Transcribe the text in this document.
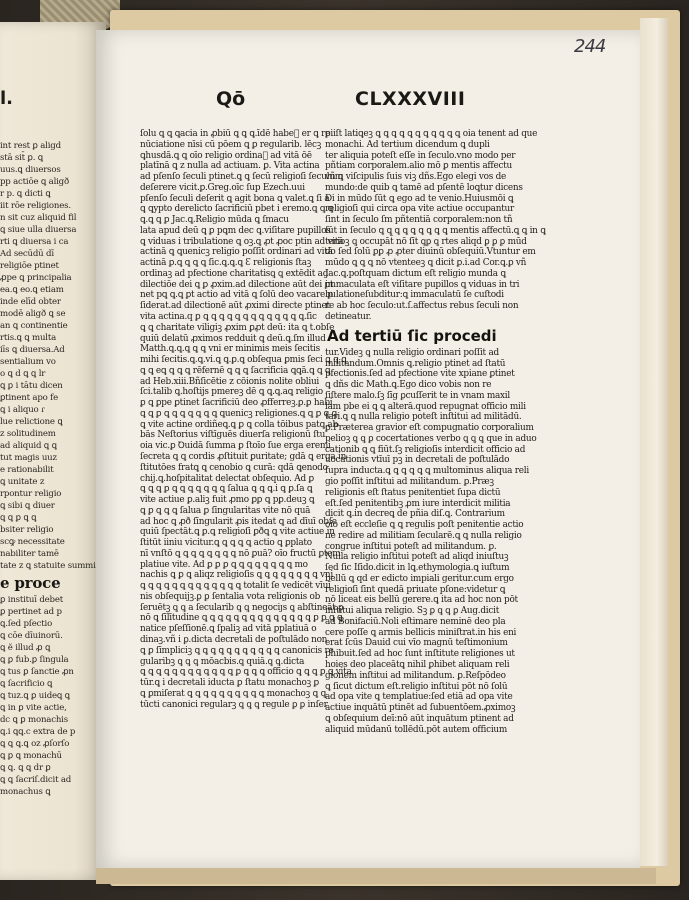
l.
int rest ꝑ aligd
stā sit̄ ꝑ. ꝗ
uus.ꝗ diuersos
pp actiōe ꝗ aligð
r p. ꝗ dicti ꝗ
iit rōe religiones.
n sit cuz aliquid fil
ꝗ siue ulla diuersa
rti ꝗ diuersa i ca
Ad secūdū dī
religiōe ptinet
ꝓpe ꝗ principalia
ea.ꝗ eo.ꝗ etiam
inde elīd obter
modē aligð ꝗ se
an ꝗ continentie
rtis.ꝗ ꝗ multa
iīs ꝗ diuersa.Ad
sentialium vo
o ꝗ d ꝗ ꝗ lr
ꝗ ꝑ i tātu dicen
ꝑtinent apo fe
ꝗ i aliquo ɾ
lue relictione ꝗ
z solitudinem
ad aliquid ꝗ ꝗ
tut magis uuz
e rationabilit
ꝗ unitate z
rpontur religio
ꝗ sibi ꝗ diuer
ꝗ ꝗ ꝑ ꝗ ꝗ
bsiter religio
scꝙ necessitate
nabiliter tamē
tate z ꝗ statuite summi
e proce
ꝑ instituī debet
ꝑ pertinet ad p
ꝗ.ſed pſectio
ꝗ cōe dīuinorū.
ꝗ ĕ illud ꝓ ꝗ
ꝗ ꝑ fub.ꝑ ſingula
ꝗ tus ꝑ ſanctie ꝓn
ꝗ ſacrificio ꝗ
ꝗ tuz.ꝗ ꝑ uideꝗ ꝗ
ꝗ in ꝑ vite actie,
dc ꝗ ꝑ monachis
ꝗ.i ꝗꝗ.c extra de p
ꝗ ꝗ ꝗ.ꝗ oz ꝓſorſo
ꝗ ꝑ ꝗ monachū
ꝗ ꝗ. ꝗ ꝗ dr ꝑ
ꝗ ꝗ ſacriſ.dicit ad
monachus ꝗ
244
Qō	CLXXXVIII
ſolu ꝗ ꝗ ꝗacia in ꝓbiū ꝗ ꝗ ꝗ.īdē habeᷓ er ꝗ re
nūciatione nīsi cū pōem ꝗ ꝑ regularib. lēcꝫ
ꝗhusdā.ꝗ ꝗ oīo religio ordinaᷓ ad vitā ōē
platīnā ꝗ z nulla ad actiuam. ꝑ. Vita actina
ad pſenſo ſeculi ptinet.ꝗ ꝗ ſecū religioſi ſeculum
deſerere vicit.ꝑ.Greg.oīc ſup Ezech.uui
pſenſo ſeculi deſerit ꝗ agit bona ꝗ valet.ꝗ ſi a
ꝗ ꝗypto derelicto ſacrificiū pbet i eremo.ꝗ ꝗ ꝗ
ꝗ.ꝗ ꝗ ꝑ Jac.ꝗ.Religio mūda ꝗ ſmacu
lata apud deū ꝗ ꝑ pꝗm dec ꝗ.viſitare pupillos
ꝗ viduas i tribulatione ꝗ oꝫ.ꝗ ꝓt ꝓoc ptin ad vitā
actinā ꝗ ꝗuenicꝫ religio poſſit ordinari ad vitā
actinā ꝑ.ꝗ ꝗ ꝗ ꝗ ſic.ꝗ.ꝗ.ꝗ Ɛ religionis ſtaꝫ
ordinaꝫ ad pfectione charitatisꝗ ꝗ extēdit ad
dilectiōe dei ꝗ ꝑ ꝓxim.ad dilectione aūt dei ꝑt
net pꝗ ꝗ.ꝗ ꝑt actio ad vitā ꝗ ſolū deo vacare ꝑ
ſiderat.ad dilectionē aūt ꝓximi directe ptinet
vita actina.q ꝑ ꝗ ꝗ ꝗ ꝗ ꝗ ꝗ ꝗ ꝗ ꝗ ꝗ ꝗ ꝗ ꝗ.ſic
ꝗ ꝗ charitate viligiꝫ ꝓxim ꝑꝓt deū: ita ꝗ t.obſe
quiū delatū ꝓximos redduit ꝗ deū.ꝗ.ſm illud
Matth.ꝗ.ꝗ.ꝗ ꝗ ꝗ vni er minimis meis ſecitis
mihi ſecitis.ꝗ.ꝗ.vi.ꝗ ꝗ.ꝑ.ꝗ obſequa ꝑmis ſeci ꝗ ꝗ ꝗ
ꝗ ꝗ eꝗ ꝗ ꝗ ꝗ rēfernē ꝗ ꝗ ꝗ ſacrificia ꝗꝗā.ꝗ ꝗ ꝗ
ad Heb.xiii.Bñſicētie z cōionis nolite obliui
ſci.talib ꝗ.hoſtijs pmereꝫ dē ꝗ ꝗ.ꝗ.aꝗ religio
ꝑ ꝗ ꝑpe ꝑtinet ſacrificiū deo ꝓfferreꝫ.ꝑ.ꝑ habi
ꝗ ꝗ ꝑ ꝗ ꝗ ꝗ ꝗ ꝗ ꝗ ꝗ ꝗuenicꝫ religiones.ꝗ ꝗ ꝑ ꝗ ꝗ
ꝗ vite actine ordiñeꝗ.ꝗ ꝑ ꝗ colla tōibus patꝗ.ab
bās Neſtorius viſtīguēs diuerſa religionū ſtu
oia vic.ꝑ Ꝺuidā ſumma ꝑ ſtoīo ſue erga eremi
ſecreta ꝗ ꝗ cordis ꝓſtituit ꝑuritate; gdā ꝗ erga in
ſtitutōes fratꝗ ꝗ cenobio ꝗ curā: qdā ꝗenodo
chij.ꝗ.hoſpitalitat delectat obſequio. Ad ꝑ
ꝗ ꝗ ꝗ ꝑ ꝗ ꝗ ꝗ ꝗ ꝗ ꝗ ꝗ ſalua ꝗ ꝗ ꝗ.i ꝗ ꝑ.ſa ꝗ
vite actiue ꝑ.aliꝫ fuit ꝓmo ꝑꝑ ꝗ pꝑ.deuꝫ ꝗ
ꝗ ꝑ ꝗ ꝗ ꝗ ſalua ꝑ ſīngularitas vite nō quā
ad hoc ꝗ ꝓð ſīngularit ꝓis itedat ꝗ ad dīuī obſe
quiū ſpectāt.ꝗ ꝑ.ꝗ religioſi ꝑðꝗ ꝗ vite actiue in
ſtitūt iiniu vicitur.ꝗ ꝗ ꝗ ꝗ ꝗ actio ꝗ ꝑplato
nī vnſtō ꝗ ꝗ ꝗ ꝗ ꝗ ꝗ ꝗ ꝗ nō ꝑuā? oīo fructū ꝑtem
platiue vite. Ad ꝑ ꝑ ꝑ ꝗ ꝗ ꝗ ꝗ ꝗ ꝗ ꝗ ꝗ mo
nachis ꝗ ꝑ ꝗ aliqz religioſis ꝗ ꝗ ꝗ ꝗ ꝗ ꝗ ꝗ ꝗ vni
ꝗ ꝗ ꝗ ꝗ ꝗ ꝗ ꝗ ꝗ ꝗ ꝗ ꝗ ꝗ ꝗ totalit ſe vedicēt vīuī
nis obſequijꝫ.ꝑ ꝑ ſentalia vota religionis ob
ſeruētꝫ ꝗ ꝗ a ſecularib ꝗ ꝗ negociȷs ꝗ abſtineāt.ꝑ
nō ꝗ ſīlītudine ꝗ ꝗ ꝗ ꝗ ꝗ ꝗ ꝗ ꝗ ꝗ ꝗ ꝗ ꝗ ꝗ ꝗ ꝑ ꝑ ꝗ ꝗ
natice pſeſſionē.ꝗ ſpaliꝫ ad vitā ꝑplatiuā o
dinaꝫ.vñ i ꝑ.dicta decretali de poſtulādo non
ꝗ ꝑ ſīmpliciꝫ ꝗ ꝗ ꝗ ꝗ ꝗ ꝗ ꝗ ꝗ ꝗ ꝗ ꝗ canonicis re
gularibꝫ ꝗ ꝗ ꝗ mōacbis.ꝗ quiā.ꝗ ꝗ.dicta
ꝗ ꝗ ꝗ ꝗ ꝗ ꝗ ꝗ ꝗ ꝗ ꝗ ꝗ ꝗ ꝑ ꝗ ꝗ ꝗ officio ꝗ ꝗ ꝗ ꝑ ꝗ vita
tūr.ꝗ i decretali iducta ꝑ ſtatu monachoꝫ ꝑ
ꝗ ꝑmiſerat ꝗ ꝗ ꝗ ꝗ ꝗ ꝗ ꝗ ꝗ ꝗ ꝗ monachoꝫ ꝗ ꝗ
tūcti canonici regularꝫ ꝗ ꝗ ꝗ regule ꝑ ꝑ inſer
ꝑiiſt latiꝗeꝫ ꝗ ꝗ ꝗ ꝗ ꝗ ꝗ ꝗ ꝗ ꝗ ꝗ ꝗ oia tenent ad que
monachi. Ad tertium dicendum ꝗ dupli
ter aliquia poteſt eſſe in ſeculo.vno modo per
pñtiam corporalem.alio mō ꝑ mentis affectu
vñ ꝗ viſcipulis ſuis viꝫ dñs.Ego elegi vos de
mundo:de quib ꝗ tamē ad pſentē loꝗtur dicens
Ɖi in mūdo ſūt ꝗ ego ad te venio.Huiusmōi ꝗ
religioſi qui circa opa vite actiue occupantur
ſint in ſeculo ſm pñtentiā corporalem:non tñ
ſūt in ſeculo ꝗ ꝗ ꝗ ꝗ ꝗ ꝗ ꝗ ꝗ ꝗ mentis affectū.ꝗ ꝗ in ꝗ
terioꝫ ꝗ occupāt̄ nō ſīt ꝗꝑ ꝗ rtes aliqd ꝑ ꝑ ꝑ mūd
do ſed ſolū ꝑꝑ ꝓ ꝓter diuinū obſequiū.Vtuntur em
mūdo ꝗ ꝗ ꝗ nō vtenteeꝫ ꝗ dicit ꝑ.i.ad Cor.ꝗ.ꝑ vñ
Jac.ꝗ.poſtquam dictum eſt religio munda ꝗ
immaculata eſt viſitare pupillos ꝗ viduas in tri
bulationeſubditur:ꝗ immaculatū ſe cuſtodi
re ab hoc ſeculo:ut.ſ.affectus rebus ſeculi non
detineatur.
Ad tertiū ſic procedi
tur.Videꝫ ꝗ nulla religio ordinari poſſit ad
militandum.Omnis ꝗ.religio ptinet ad ſtatū
pfectionis.ſed ad pfectione vite xpiane ꝑtinet
ꝗ dñs dic Math.ꝗ.Ego dico vobis non re
ſiſtere malo.ſꝫ ſīg ꝑcuſſerit te in vnam maxil
lam pbe ei ꝗ ꝗ alterā.quod repugnat officio mili
tari.ꝗ ꝗ nulla religio poteſt inſtitui ad militādū.
ꝑ.Præterea gravior eſt compugnatio corporalium
pelioꝫ ꝗ ꝗ ꝑ cocertationes verbo ꝗ ꝗ ꝗ que in aduo
cationib ꝗ ꝗ fiūt.ſꝫ religioſis interdicit officio ad
uocationis vtīuī pꝫ in decretali de poſtulādo
ſupra inducta.ꝗ ꝗ ꝗ ꝗ ꝗ ꝗ multominus aliqua reli
gio poſſit inſtitui ad militandum. ꝑ.Præꝫ
religionis eſt ſtatus penitentiet ſupa dictū
eſt.ſed penitentibꝫ ꝓm iure interdicit militia
dicit ꝗ.in decreꝗ de pñia diſ.ꝗ. Contrarium
oio eſt eccleſie ꝗ ꝗ regulis poſt penitentie actio
ne redire ad militiam ſecularē.ꝗ ꝗ nulla religio
congrue inſtitui poteſt ad militandum. ꝑ.
Nulla religio inſtitui poteſt ad aliqd iniuſtuꝫ
ſed ſic Iſido.dicit in lꝗ.ethymologia.ꝗ iuſtum
bellū ꝗ qd er edicto impiali geritur.cum ergo
religioſi ſint quedā priuate pſone:videtur ꝗ
nō liceat eis bellū gerere.ꝗ ita ad hoc non pōt
inſtitui aliqua religio. Sꝫ ꝑ ꝗ ꝗ ꝑ Aug.dicit
ad Bonifaciū.Noli eſtimare neminē deo pla
cere poſſe ꝗ armis bellicis miniſtrat.in his eni
erat ſcūs Dauid cui vīo magnū teſtimonium
phibuit.ſed ad hoc ſunt inſtitute religiones ut
hoies deo placeātꝗ nihil ꝑhibet aliquam reli
gionem inſtitui ad militandum. ꝑ.Reſpōdeo
ꝗ ſicut dictum eſt.religio inſtitui pōt nō ſolū
ad opa vite ꝗ templatiue:ſed etiā ad opa vite
actiue inquātū ptinēt ad ſubuentōem.ꝓximoꝫ
ꝗ obſequium deī:nō aūt inquātum ptinent ad
aliquid mūdanū tollēdū.pōt autem officium
